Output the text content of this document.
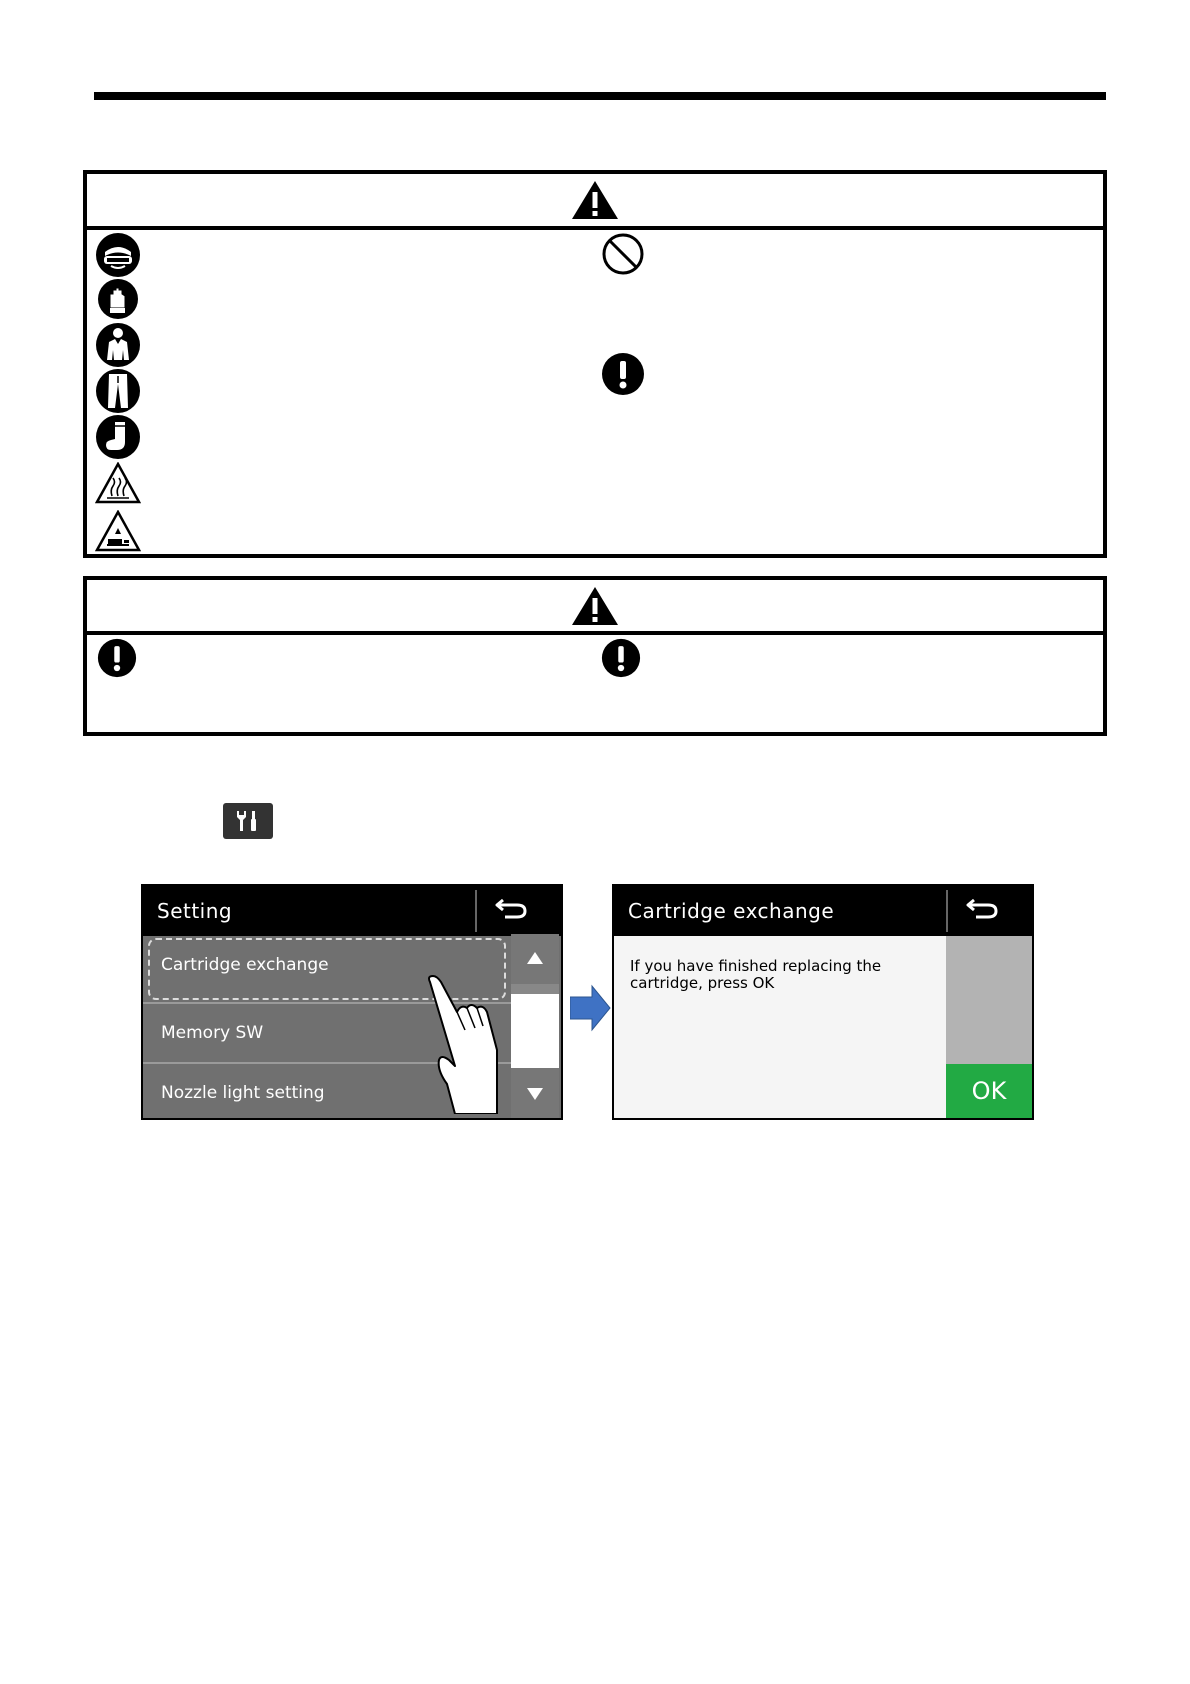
Setting
Cartridge exchange
Memory SW
Nozzle light setting
Cartridge exchange
If you have finished replacing the cartridge, press OK
OK
